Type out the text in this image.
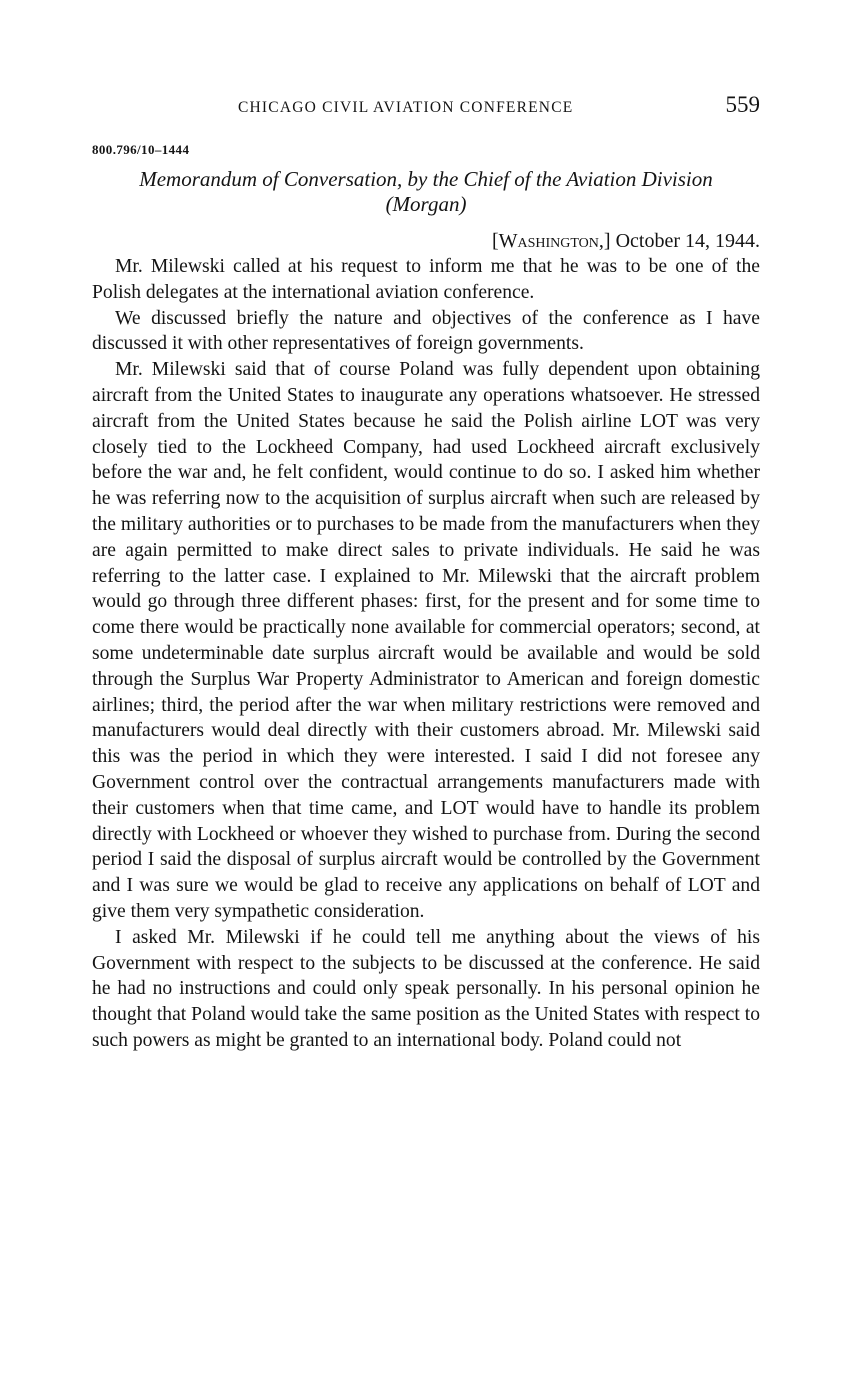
CHICAGO CIVIL AVIATION CONFERENCE	559
800.796/10–1444
Memorandum of Conversation, by the Chief of the Aviation Division
(Morgan)
[Washington,] October 14, 1944.

Mr. Milewski called at his request to inform me that he was to be one of the Polish delegates at the international aviation conference.

We discussed briefly the nature and objectives of the conference as I have discussed it with other representatives of foreign governments.

Mr. Milewski said that of course Poland was fully dependent upon obtaining aircraft from the United States to inaugurate any operations whatsoever. He stressed aircraft from the United States because he said the Polish airline LOT was very closely tied to the Lockheed Company, had used Lockheed aircraft exclusively before the war and, he felt confident, would continue to do so. I asked him whether he was referring now to the acquisition of surplus aircraft when such are released by the military authorities or to purchases to be made from the manufacturers when they are again permitted to make direct sales to private individuals. He said he was referring to the latter case. I explained to Mr. Milewski that the aircraft problem would go through three different phases: first, for the present and for some time to come there would be practically none available for commercial operators; second, at some undeterminable date surplus aircraft would be available and would be sold through the Surplus War Property Administrator to American and foreign domestic airlines; third, the period after the war when military restrictions were removed and manufacturers would deal directly with their customers abroad. Mr. Milewski said this was the period in which they were interested. I said I did not foresee any Government control over the contractual arrangements manufacturers made with their customers when that time came, and LOT would have to handle its problem directly with Lockheed or whoever they wished to purchase from. During the second period I said the disposal of surplus aircraft would be controlled by the Government and I was sure we would be glad to receive any applications on behalf of LOT and give them very sympathetic consideration.

I asked Mr. Milewski if he could tell me anything about the views of his Government with respect to the subjects to be discussed at the conference. He said he had no instructions and could only speak personally. In his personal opinion he thought that Poland would take the same position as the United States with respect to such powers as might be granted to an international body. Poland could not
